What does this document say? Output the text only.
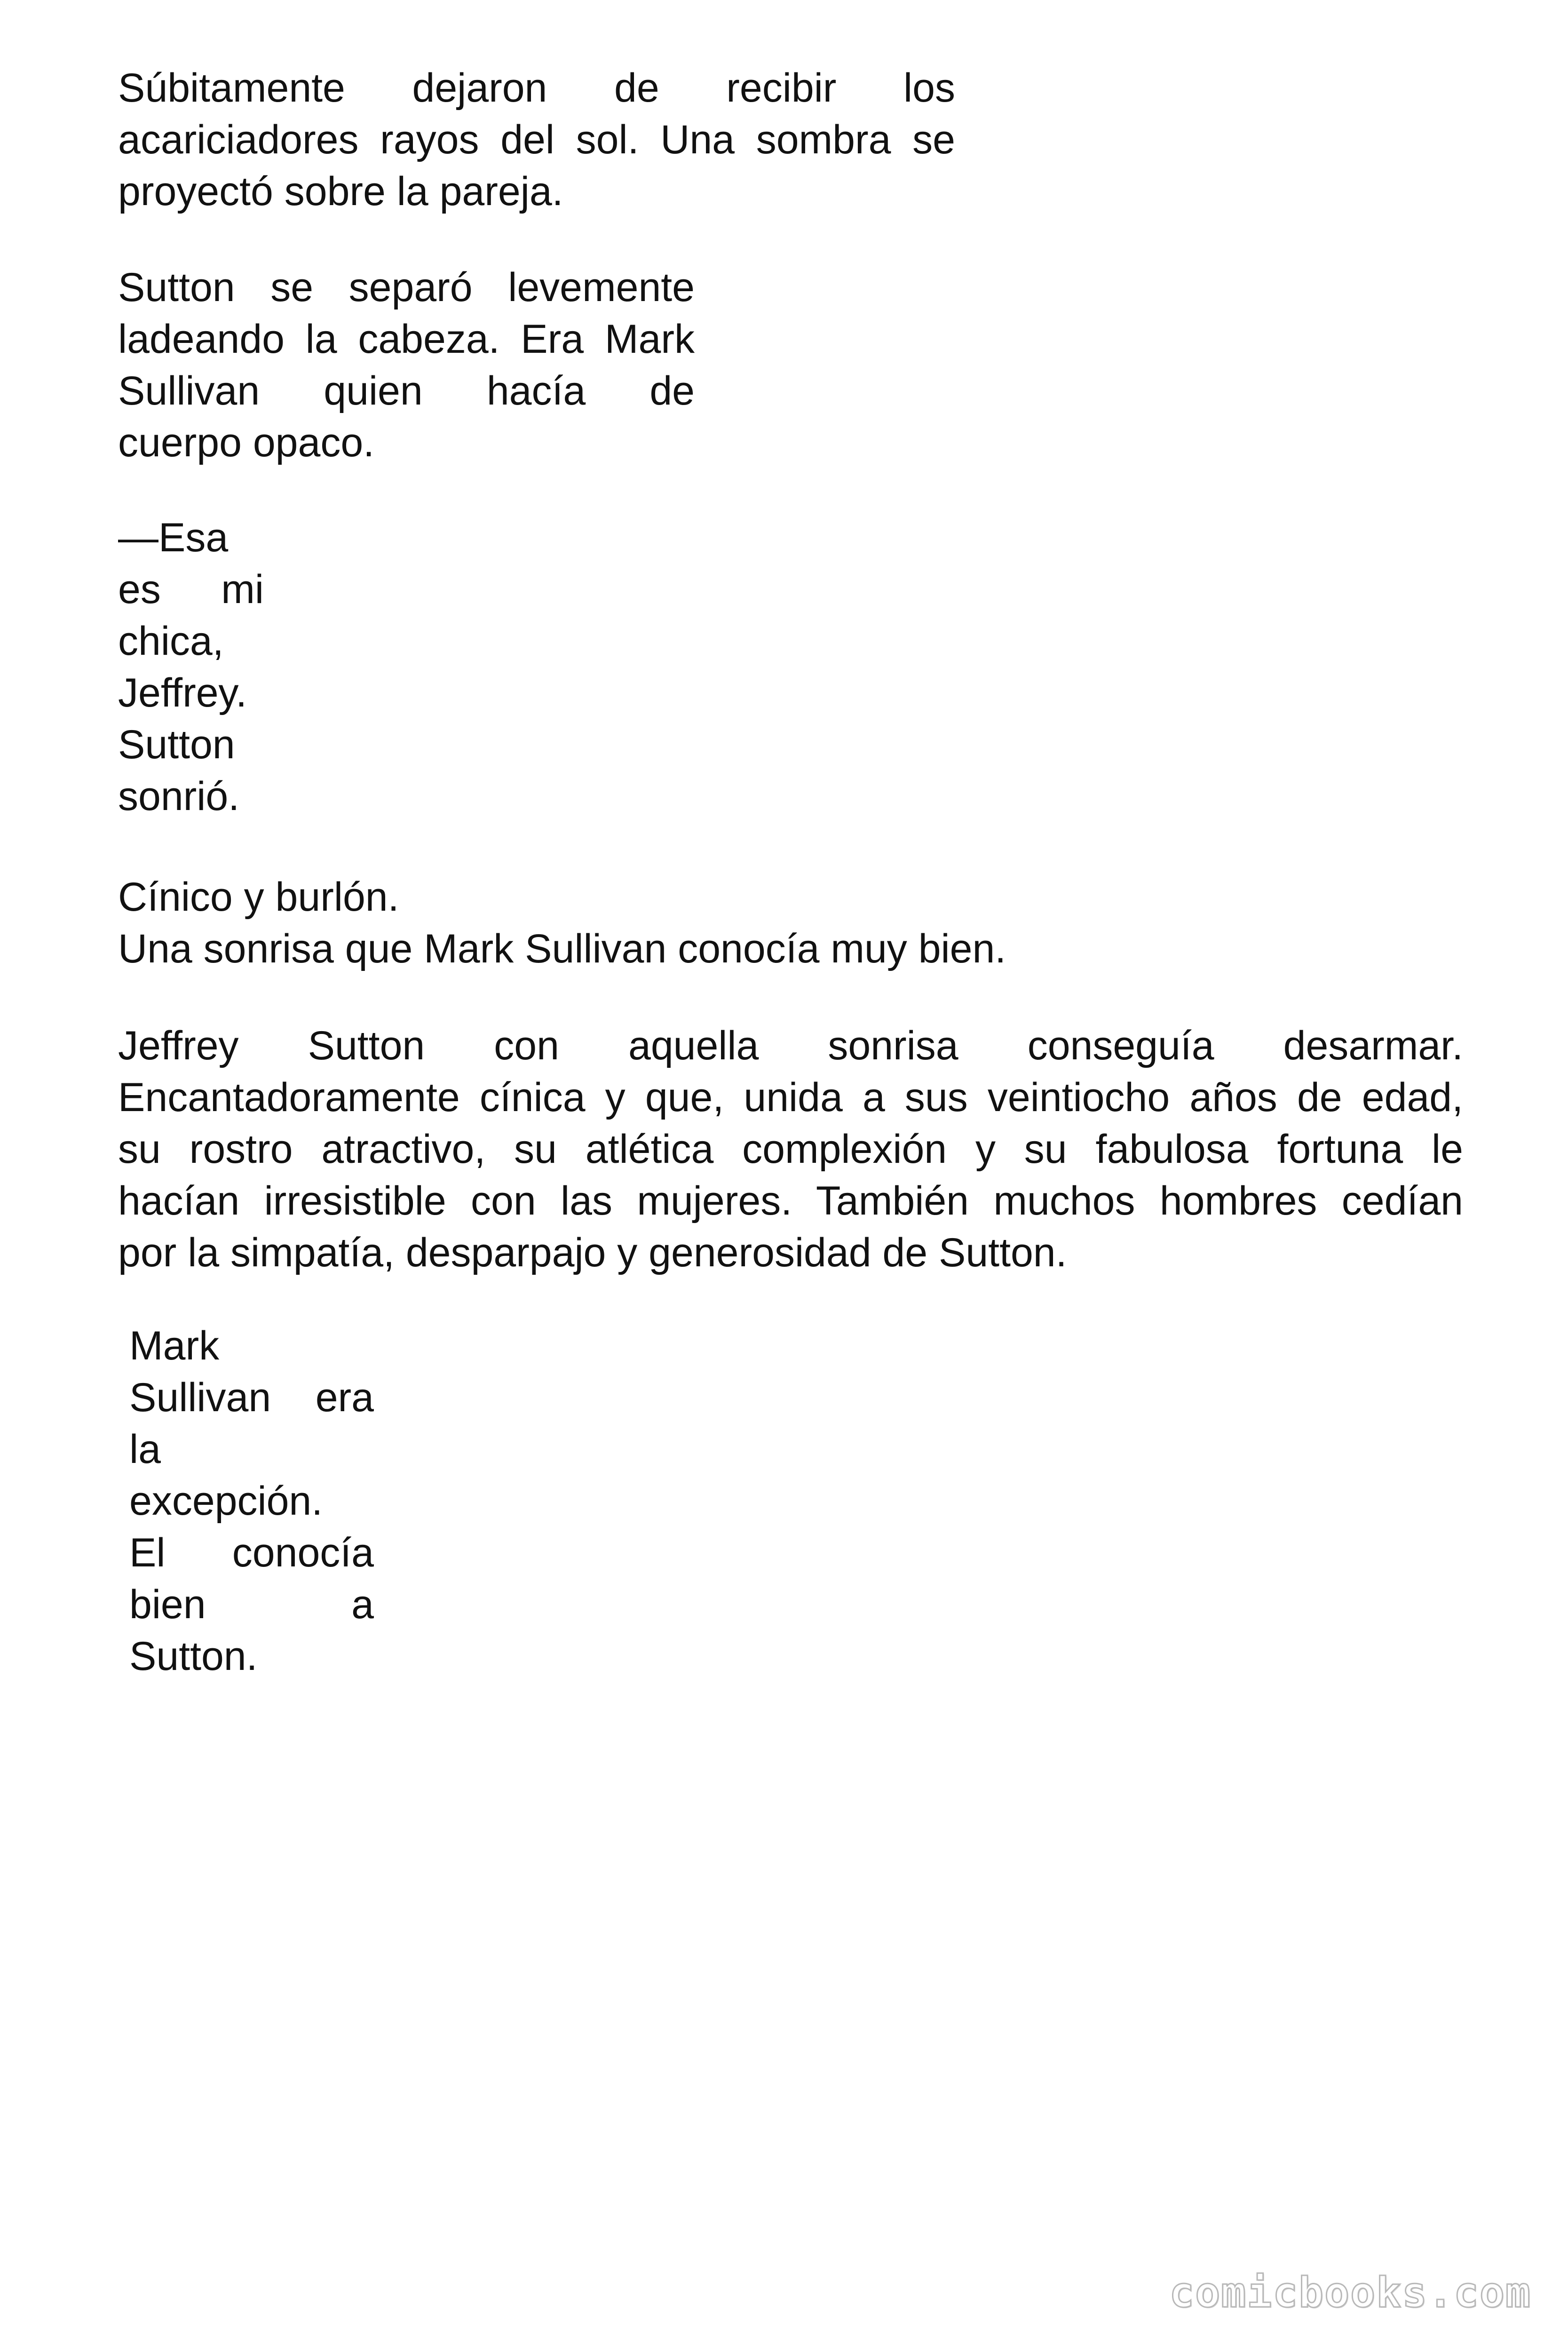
Súbitamente dejaron de recibir los
acariciadores rayos del sol. Una sombra se
proyectó sobre la pareja.

Sutton se separó levemente
ladeando la cabeza. Era Mark
Sullivan quien hacía de
cuerpo opaco.

—Esa
es mi
chica,
Jeffrey.
Sutton
sonrió.

Cínico y burlón.
Una sonrisa que Mark Sullivan conocía muy bien.

Jeffrey Sutton con aquella sonrisa conseguía desarmar.
Encantadoramente cínica y que, unida a sus veintiocho años de edad,
su rostro atractivo, su atlética complexión y su fabulosa fortuna le
hacían irresistible con las mujeres. También muchos hombres cedían
por la simpatía, desparpajo y generosidad de Sutton.

Mark
Sullivan era
la
excepción.
El conocía
bien a
Sutton.

comicbooks.com
